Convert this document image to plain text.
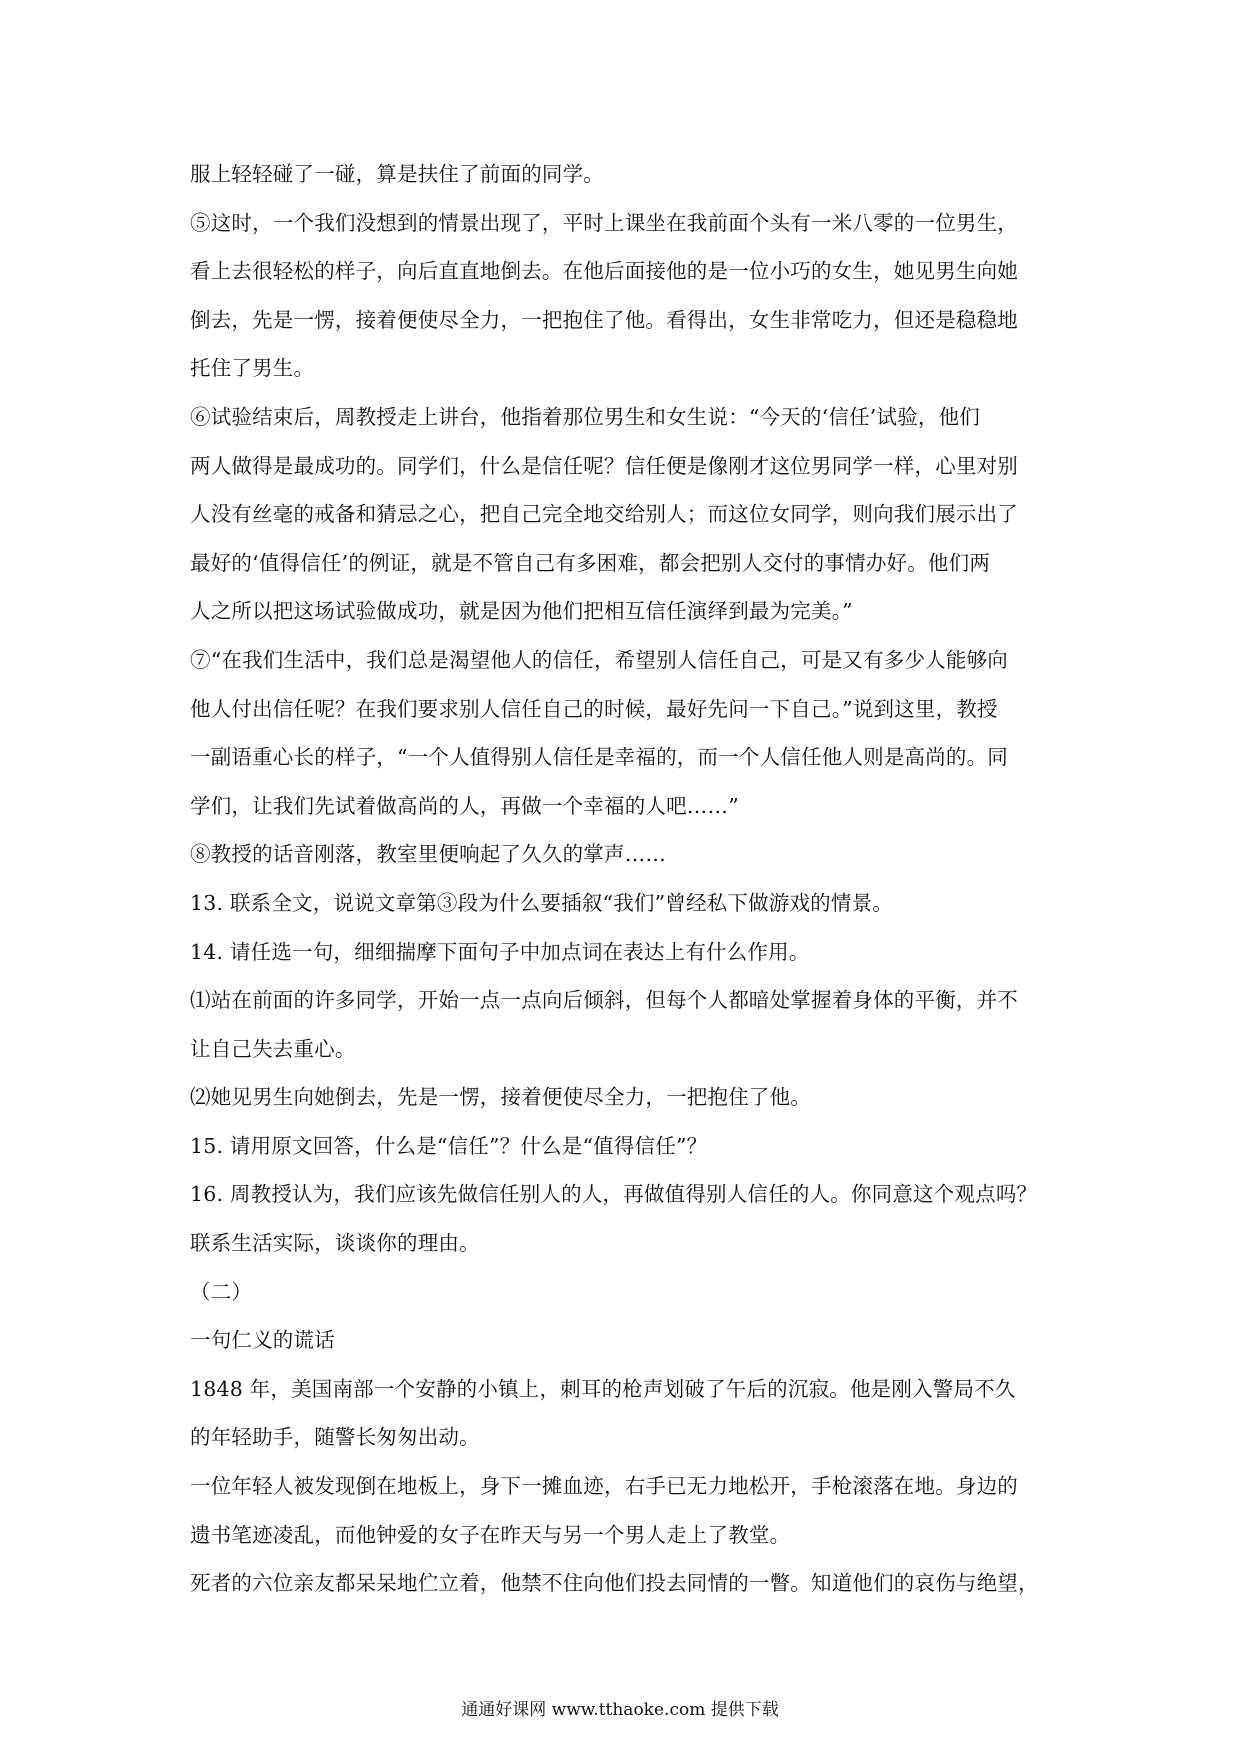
服上轻轻碰了一碰，算是扶住了前面的同学。
⑤这时，一个我们没想到的情景出现了，平时上课坐在我前面个头有一米八零的一位男生，
看上去很轻松的样子，向后直直地倒去。在他后面接他的是一位小巧的女生，她见男生向她
倒去，先是一愣，接着便使尽全力，一把抱住了他。看得出，女生非常吃力，但还是稳稳地
托住了男生。
⑥试验结束后，周教授走上讲台，他指着那位男生和女生说：“今天的‘信任’试验，他们
两人做得是最成功的。同学们，什么是信任呢？信任便是像刚才这位男同学一样，心里对别
人没有丝毫的戒备和猜忌之心，把自己完全地交给别人；而这位女同学，则向我们展示出了
最好的‘值得信任’的例证，就是不管自己有多困难，都会把别人交付的事情办好。他们两
人之所以把这场试验做成功，就是因为他们把相互信任演绎到最为完美。”
⑦“在我们生活中，我们总是渴望他人的信任，希望别人信任自己，可是又有多少人能够向
他人付出信任呢？在我们要求别人信任自己的时候，最好先问一下自己。”说到这里，教授
一副语重心长的样子，“一个人值得别人信任是幸福的，而一个人信任他人则是高尚的。同
学们，让我们先试着做高尚的人，再做一个幸福的人吧……”
⑧教授的话音刚落，教室里便响起了久久的掌声……
13. 联系全文，说说文章第③段为什么要插叙“我们”曾经私下做游戏的情景。
14. 请任选一句，细细揣摩下面句子中加点词在表达上有什么作用。
⑴站在前面的许多同学，开始一点一点向后倾斜，但每个人都暗处掌握着身体的平衡，并不
让自己失去重心。
⑵她见男生向她倒去，先是一愣，接着便使尽全力，一把抱住了他。
15. 请用原文回答，什么是“信任”？什么是“值得信任”？
16. 周教授认为，我们应该先做信任别人的人，再做值得别人信任的人。你同意这个观点吗？
联系生活实际，谈谈你的理由。
（二）
一句仁义的谎话
1848 年，美国南部一个安静的小镇上，刺耳的枪声划破了午后的沉寂。他是刚入警局不久
的年轻助手，随警长匆匆出动。
一位年轻人被发现倒在地板上，身下一摊血迹，右手已无力地松开，手枪滚落在地。身边的
遗书笔迹凌乱，而他钟爱的女子在昨天与另一个男人走上了教堂。
死者的六位亲友都呆呆地伫立着，他禁不住向他们投去同情的一瞥。知道他们的哀伤与绝望，
通通好课网 www.tthaoke.com 提供下载
